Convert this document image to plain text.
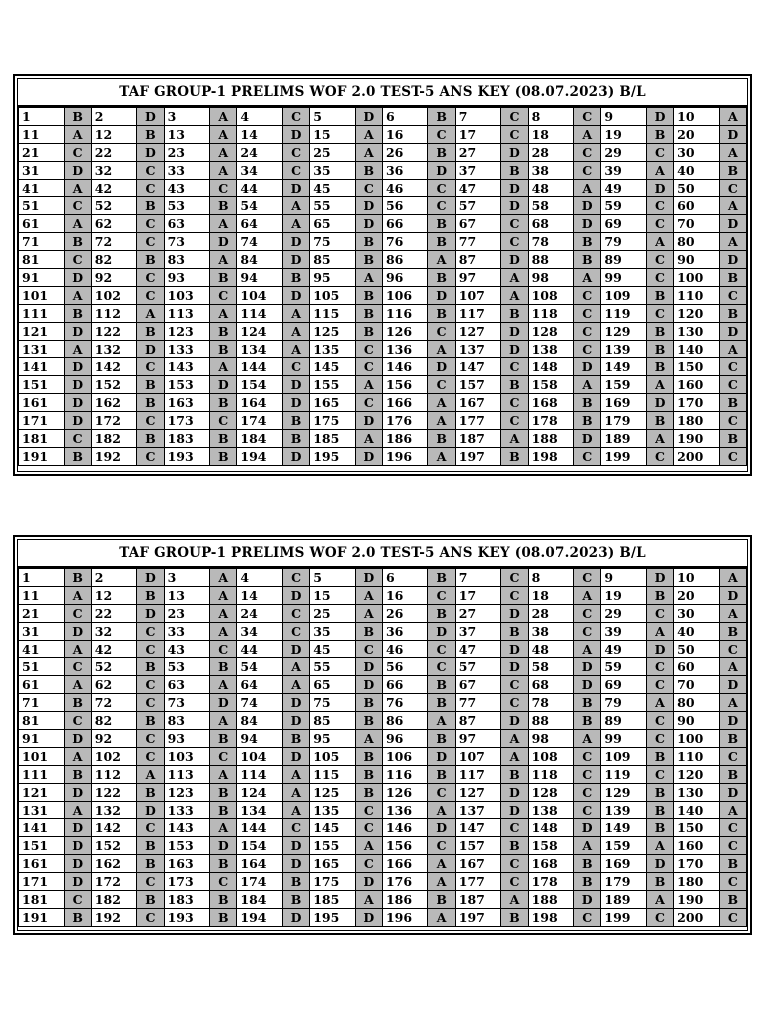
TAF GROUP-1 PRELIMS WOF 2.0 TEST-5 ANS KEY (08.07.2023) B/L
1	B	2	D	3	A	4	C	5	D	6	B	7	C	8	C	9	D	10	A
11	A	12	B	13	A	14	D	15	A	16	C	17	C	18	A	19	B	20	D
21	C	22	D	23	A	24	C	25	A	26	B	27	D	28	C	29	C	30	A
31	D	32	C	33	A	34	C	35	B	36	D	37	B	38	C	39	A	40	B
41	A	42	C	43	C	44	D	45	C	46	C	47	D	48	A	49	D	50	C
51	C	52	B	53	B	54	A	55	D	56	C	57	D	58	D	59	C	60	A
61	A	62	C	63	A	64	A	65	D	66	B	67	C	68	D	69	C	70	D
71	B	72	C	73	D	74	D	75	B	76	B	77	C	78	B	79	A	80	A
81	C	82	B	83	A	84	D	85	B	86	A	87	D	88	B	89	C	90	D
91	D	92	C	93	B	94	B	95	A	96	B	97	A	98	A	99	C	100	B
101	A	102	C	103	C	104	D	105	B	106	D	107	A	108	C	109	B	110	C
111	B	112	A	113	A	114	A	115	B	116	B	117	B	118	C	119	C	120	B
121	D	122	B	123	B	124	A	125	B	126	C	127	D	128	C	129	B	130	D
131	A	132	D	133	B	134	A	135	C	136	A	137	D	138	C	139	B	140	A
141	D	142	C	143	A	144	C	145	C	146	D	147	C	148	D	149	B	150	C
151	D	152	B	153	D	154	D	155	A	156	C	157	B	158	A	159	A	160	C
161	D	162	B	163	B	164	D	165	C	166	A	167	C	168	B	169	D	170	B
171	D	172	C	173	C	174	B	175	D	176	A	177	C	178	B	179	B	180	C
181	C	182	B	183	B	184	B	185	A	186	B	187	A	188	D	189	A	190	B
191	B	192	C	193	B	194	D	195	D	196	A	197	B	198	C	199	C	200	C
TAF GROUP-1 PRELIMS WOF 2.0 TEST-5 ANS KEY (08.07.2023) B/L
1	B	2	D	3	A	4	C	5	D	6	B	7	C	8	C	9	D	10	A
11	A	12	B	13	A	14	D	15	A	16	C	17	C	18	A	19	B	20	D
21	C	22	D	23	A	24	C	25	A	26	B	27	D	28	C	29	C	30	A
31	D	32	C	33	A	34	C	35	B	36	D	37	B	38	C	39	A	40	B
41	A	42	C	43	C	44	D	45	C	46	C	47	D	48	A	49	D	50	C
51	C	52	B	53	B	54	A	55	D	56	C	57	D	58	D	59	C	60	A
61	A	62	C	63	A	64	A	65	D	66	B	67	C	68	D	69	C	70	D
71	B	72	C	73	D	74	D	75	B	76	B	77	C	78	B	79	A	80	A
81	C	82	B	83	A	84	D	85	B	86	A	87	D	88	B	89	C	90	D
91	D	92	C	93	B	94	B	95	A	96	B	97	A	98	A	99	C	100	B
101	A	102	C	103	C	104	D	105	B	106	D	107	A	108	C	109	B	110	C
111	B	112	A	113	A	114	A	115	B	116	B	117	B	118	C	119	C	120	B
121	D	122	B	123	B	124	A	125	B	126	C	127	D	128	C	129	B	130	D
131	A	132	D	133	B	134	A	135	C	136	A	137	D	138	C	139	B	140	A
141	D	142	C	143	A	144	C	145	C	146	D	147	C	148	D	149	B	150	C
151	D	152	B	153	D	154	D	155	A	156	C	157	B	158	A	159	A	160	C
161	D	162	B	163	B	164	D	165	C	166	A	167	C	168	B	169	D	170	B
171	D	172	C	173	C	174	B	175	D	176	A	177	C	178	B	179	B	180	C
181	C	182	B	183	B	184	B	185	A	186	B	187	A	188	D	189	A	190	B
191	B	192	C	193	B	194	D	195	D	196	A	197	B	198	C	199	C	200	C
